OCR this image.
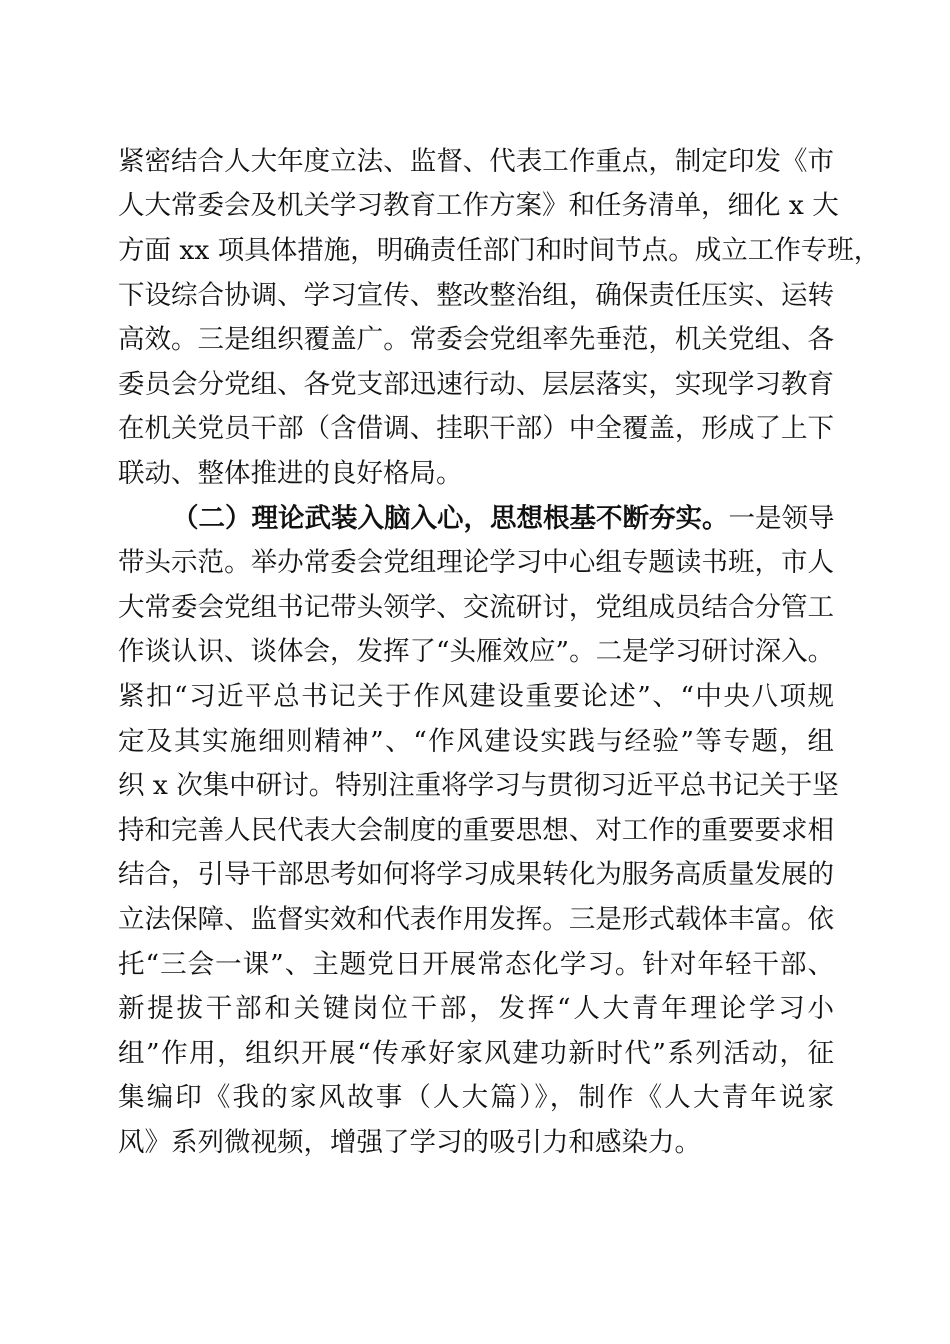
紧密结合人大年度立法、监督、代表工作重点，制定印发《市
人大常委会及机关学习教育工作方案》和任务清单，细化 x 大
方面 xx 项具体措施，明确责任部门和时间节点。成立工作专班，
下设综合协调、学习宣传、整改整治组，确保责任压实、运转
高效。三是组织覆盖广。常委会党组率先垂范，机关党组、各
委员会分党组、各党支部迅速行动、层层落实，实现学习教育
在机关党员干部（含借调、挂职干部）中全覆盖，形成了上下
联动、整体推进的良好格局。
（二）理论武装入脑入心，思想根基不断夯实。一是领导
带头示范。举办常委会党组理论学习中心组专题读书班，市人
大常委会党组书记带头领学、交流研讨，党组成员结合分管工
作谈认识、谈体会，发挥了“头雁效应”。二是学习研讨深入。
紧扣“习近平总书记关于作风建设重要论述”、“中央八项规
定及其实施细则精神”、“作风建设实践与经验”等专题，组
织 x 次集中研讨。特别注重将学习与贯彻习近平总书记关于坚
持和完善人民代表大会制度的重要思想、对工作的重要要求相
结合，引导干部思考如何将学习成果转化为服务高质量发展的
立法保障、监督实效和代表作用发挥。三是形式载体丰富。依
托“三会一课”、主题党日开展常态化学习。针对年轻干部、
新提拔干部和关键岗位干部，发挥“人大青年理论学习小
组”作用，组织开展“传承好家风建功新时代”系列活动，征
集编印《我的家风故事（人大篇）》，制作《人大青年说家
风》系列微视频，增强了学习的吸引力和感染力。
